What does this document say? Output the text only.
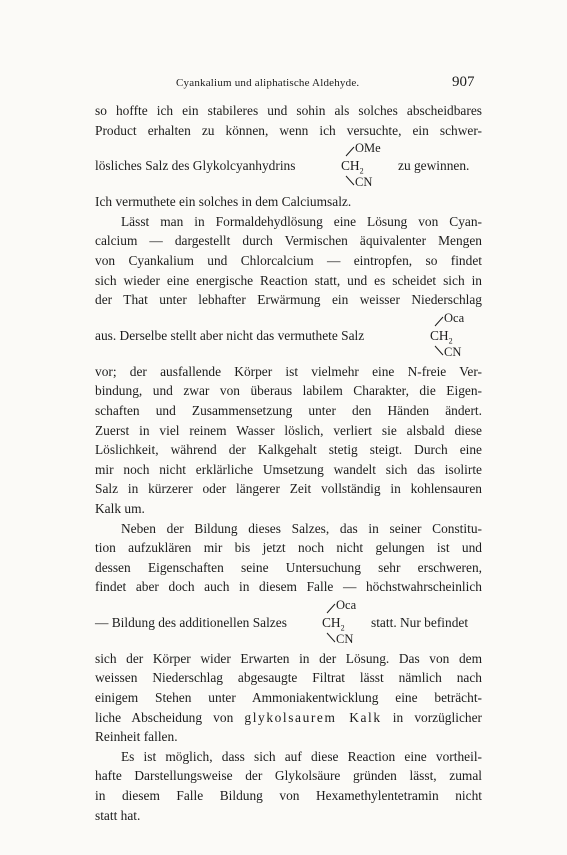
Cyankalium und aliphatische Aldehyde.	907
so hoffte ich ein stabileres und sohin als solches abscheidbares
Product erhalten zu können, wenn ich versuchte, ein schwer-
lösliches Salz des Glykolcyanhydrins
OMe
$CH_2$
CN
zu gewinnen.
Ich vermuthete ein solches in dem Calciumsalz.
Lässt man in Formaldehydlösung eine Lösung von Cyan-
calcium — dargestellt durch Vermischen äquivalenter Mengen
von Cyankalium und Chlorcalcium — eintropfen, so findet
sich wieder eine energische Reaction statt, und es scheidet sich in
der That unter lebhafter Erwärmung ein weisser Niederschlag
aus. Derselbe stellt aber nicht das vermuthete Salz
Oca
$CH_2$
CN
vor; der ausfallende Körper ist vielmehr eine N-freie Ver-
bindung, und zwar von überaus labilem Charakter, die Eigen-
schaften und Zusammensetzung unter den Händen ändert.
Zuerst in viel reinem Wasser löslich, verliert sie alsbald diese
Löslichkeit, während der Kalkgehalt stetig steigt. Durch eine
mir noch nicht erklärliche Umsetzung wandelt sich das isolirte
Salz in kürzerer oder längerer Zeit vollständig in kohlensauren
Kalk um.
Neben der Bildung dieses Salzes, das in seiner Constitu-
tion aufzuklären mir bis jetzt noch nicht gelungen ist und
dessen Eigenschaften seine Untersuchung sehr erschweren,
findet aber doch auch in diesem Falle — höchstwahrscheinlich
— Bildung des additionellen Salzes
Oca
$CH_2$
CN
statt. Nur befindet
sich der Körper wider Erwarten in der Lösung. Das von dem
weissen Niederschlag abgesaugte Filtrat lässt nämlich nach
einigem Stehen unter Ammoniakentwicklung eine beträcht-
liche Abscheidung von glykolsaurem Kalk in vorzüglicher
Reinheit fallen.
Es ist möglich, dass sich auf diese Reaction eine vortheil-
hafte Darstellungsweise der Glykolsäure gründen lässt, zumal
in diesem Falle Bildung von Hexamethylentetramin nicht
statt hat.
